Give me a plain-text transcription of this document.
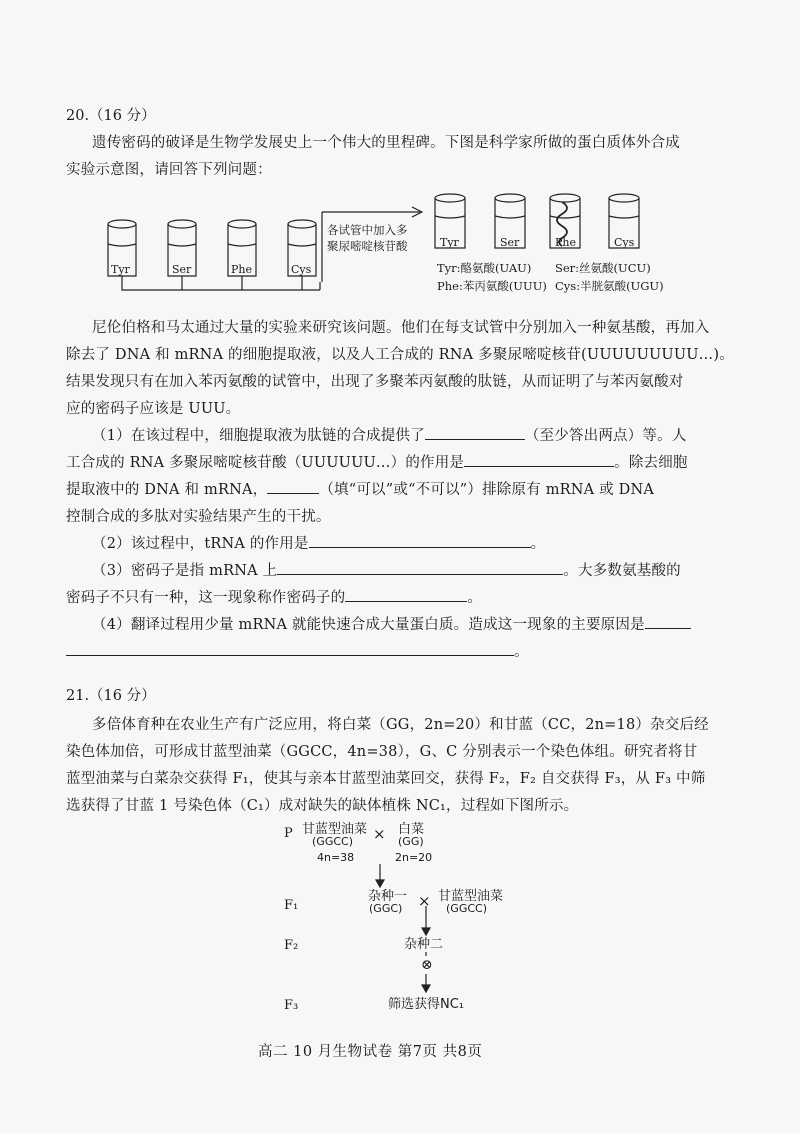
20.（16 分）
遗传密码的破译是生物学发展史上一个伟大的里程碑。下图是科学家所做的蛋白质体外合成
实验示意图，请回答下列问题：
Tyr	Ser	Phe	Cys
各试管中加入多
聚尿嘧啶核苷酸	Tyr	Ser	Phe	Cys
Tyr:酪氨酸(UAU) Ser:丝氨酸(UCU)
Phe:苯丙氨酸(UUU) Cys:半胱氨酸(UGU)
尼伦伯格和马太通过大量的实验来研究该问题。他们在每支试管中分别加入一种氨基酸，再加入
除去了 DNA 和 mRNA 的细胞提取液，以及人工合成的 RNA 多聚尿嘧啶核苷(UUUUUUUUU…)。
结果发现只有在加入苯丙氨酸的试管中，出现了多聚苯丙氨酸的肽链，从而证明了与苯丙氨酸对
应的密码子应该是 UUU。
（1）在该过程中，细胞提取液为肽链的合成提供了	（至少答出两点）等。人
工合成的 RNA 多聚尿嘧啶核苷酸（UUUUUU…）的作用是	。除去细胞
提取液中的 DNA 和 mRNA，	（填“可以”或“不可以”）排除原有 mRNA 或 DNA
控制合成的多肽对实验结果产生的干扰。
（2）该过程中，tRNA 的作用是	。
（3）密码子是指 mRNA 上	。大多数氨基酸的
密码子不只有一种，这一现象称作密码子的	。
（4）翻译过程用少量 mRNA 就能快速合成大量蛋白质。造成这一现象的主要原因是
。
21.（16 分）
多倍体育种在农业生产有广泛应用，将白菜（GG，2n=20）和甘蓝（CC，2n=18）杂交后经
染色体加倍，可形成甘蓝型油菜（GGCC，4n=38），G、C 分别表示一个染色体组。研究者将甘
蓝型油菜与白菜杂交获得 F₁，使其与亲本甘蓝型油菜回交，获得 F₂，F₂ 自交获得 F₃，从 F₃ 中筛
选获得了甘蓝 1 号染色体（C₁）成对缺失的缺体植株 NC₁，过程如下图所示。
P
F₁
F₂
F₃
甘蓝型油菜
(GGCC)
4n=38
× 白菜
(GG)
2n=20
杂种一
(GGC) × 甘蓝型油菜
(GGCC)
杂种二
⊗
筛选获得NC₁
高二 10 月生物试卷 第7页 共8页
